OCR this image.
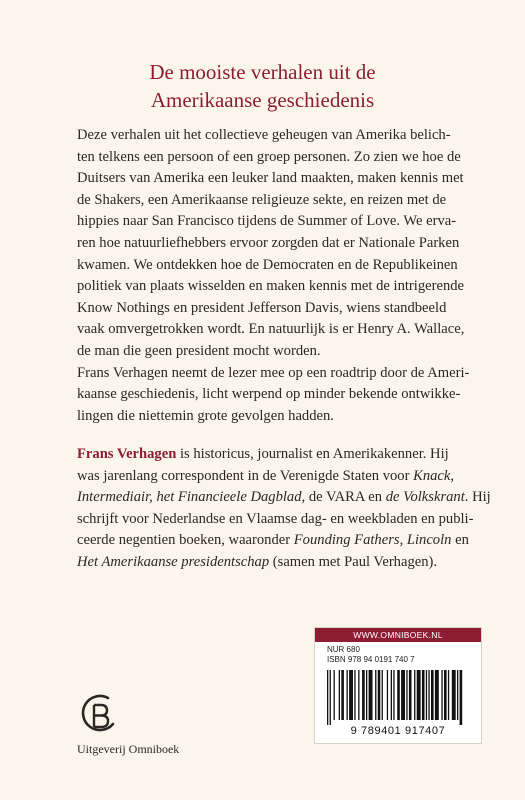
De mooiste verhalen uit de
Amerikaanse geschiedenis
Deze verhalen uit het collectieve geheugen van Amerika belich-
ten telkens een persoon of een groep personen. Zo zien we hoe de
Duitsers van Amerika een leuker land maakten, maken kennis met
de Shakers, een Amerikaanse religieuze sekte, en reizen met de
hippies naar San Francisco tijdens de Summer of Love. We erva-
ren hoe natuurliefhebbers ervoor zorgden dat er Nationale Parken
kwamen. We ontdekken hoe de Democraten en de Republikeinen
politiek van plaats wisselden en maken kennis met de intrigerende
Know Nothings en president Jefferson Davis, wiens standbeeld
vaak omvergetrokken wordt. En natuurlijk is er Henry A. Wallace,
de man die geen president mocht worden.
Frans Verhagen neemt de lezer mee op een roadtrip door de Ameri-
kaanse geschiedenis, licht werpend op minder bekende ontwikke-
lingen die niettemin grote gevolgen hadden.
Frans Verhagen is historicus, journalist en Amerikakenner. Hij
was jarenlang correspondent in de Verenigde Staten voor Knack,
Intermediair, het Financieele Dagblad, de VARA en de Volkskrant. Hij
schrijft voor Nederlandse en Vlaamse dag- en weekbladen en publi-
ceerde negentien boeken, waaronder Founding Fathers, Lincoln en
Het Amerikaanse presidentschap (samen met Paul Verhagen).
WWW.OMNIBOEK.NL
NUR 680
ISBN 978 94 0191 740 7
9 789401 917407
Uitgeverij Omniboek
